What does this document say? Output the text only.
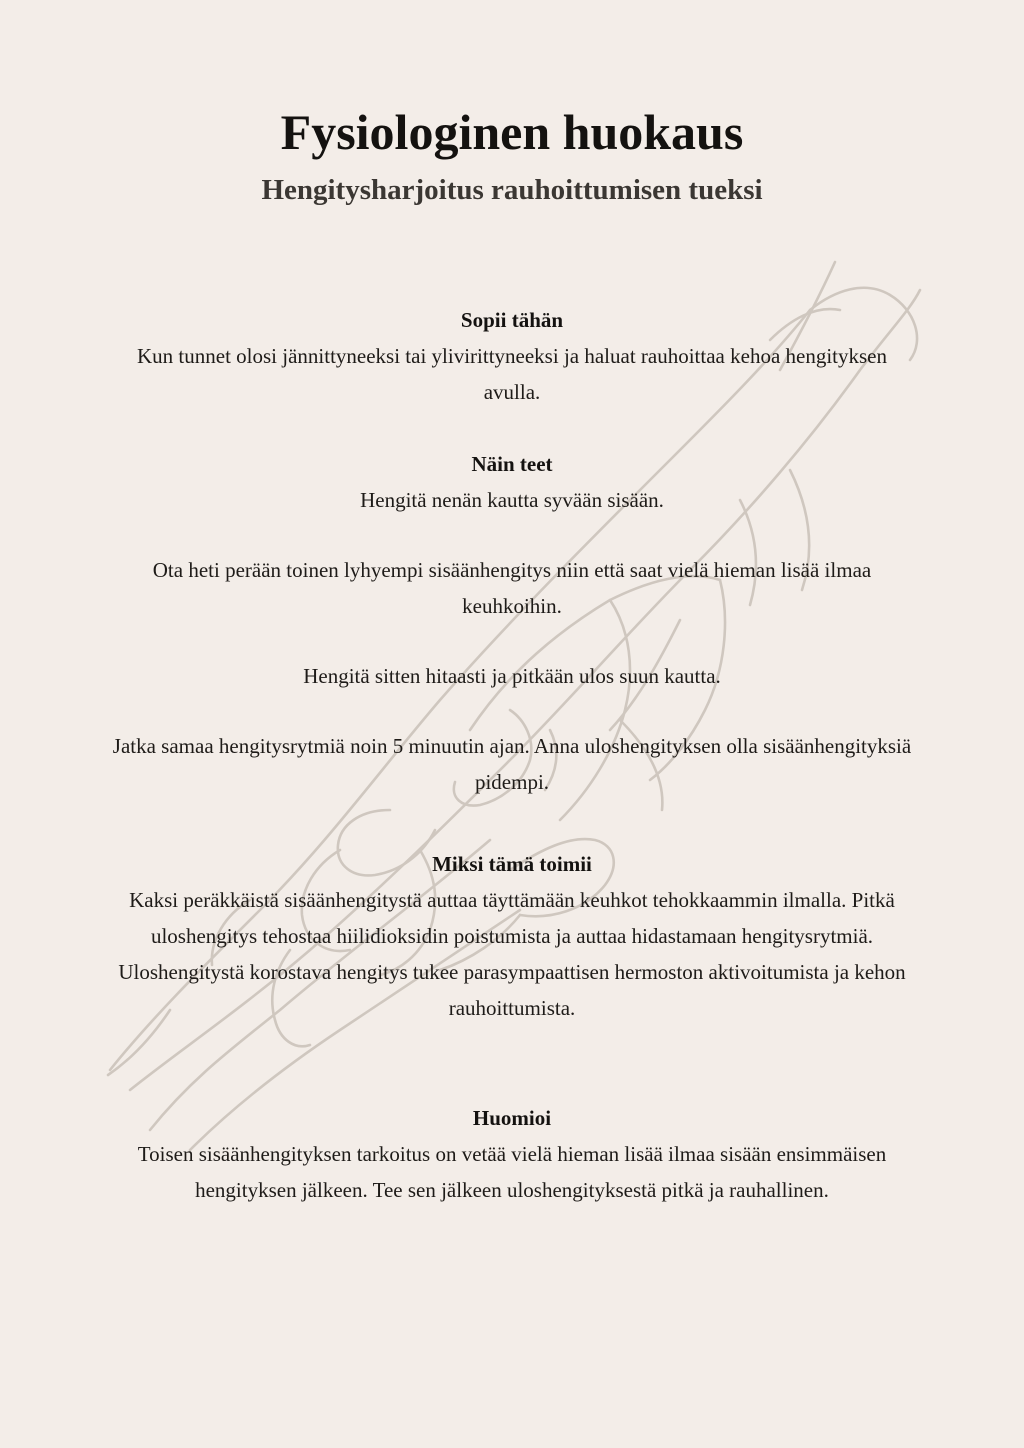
Fysiologinen huokaus
Hengitysharjoitus rauhoittumisen tueksi
Sopii tähän

Kun tunnet olosi jännittyneeksi tai ylivirittyneeksi ja haluat rauhoittaa kehoa hengityksen avulla.

Näin teet

Hengitä nenän kautta syvään sisään.

Ota heti perään toinen lyhyempi sisäänhengitys niin että saat vielä hieman lisää ilmaa keuhkoihin.

Hengitä sitten hitaasti ja pitkään ulos suun kautta.

Jatka samaa hengitysrytmiä noin 5 minuutin ajan. Anna uloshengityksen olla sisäänhengityksiä pidempi.

Miksi tämä toimii

Kaksi peräkkäistä sisäänhengitystä auttaa täyttämään keuhkot tehokkaammin ilmalla. Pitkä uloshengitys tehostaa hiilidioksidin poistumista ja auttaa hidastamaan hengitysrytmiä. Uloshengitystä korostava hengitys tukee parasympaattisen hermoston aktivoitumista ja kehon rauhoittumista.

Huomioi

Toisen sisäänhengityksen tarkoitus on vetää vielä hieman lisää ilmaa sisään ensimmäisen hengityksen jälkeen. Tee sen jälkeen uloshengityksestä pitkä ja rauhallinen.
